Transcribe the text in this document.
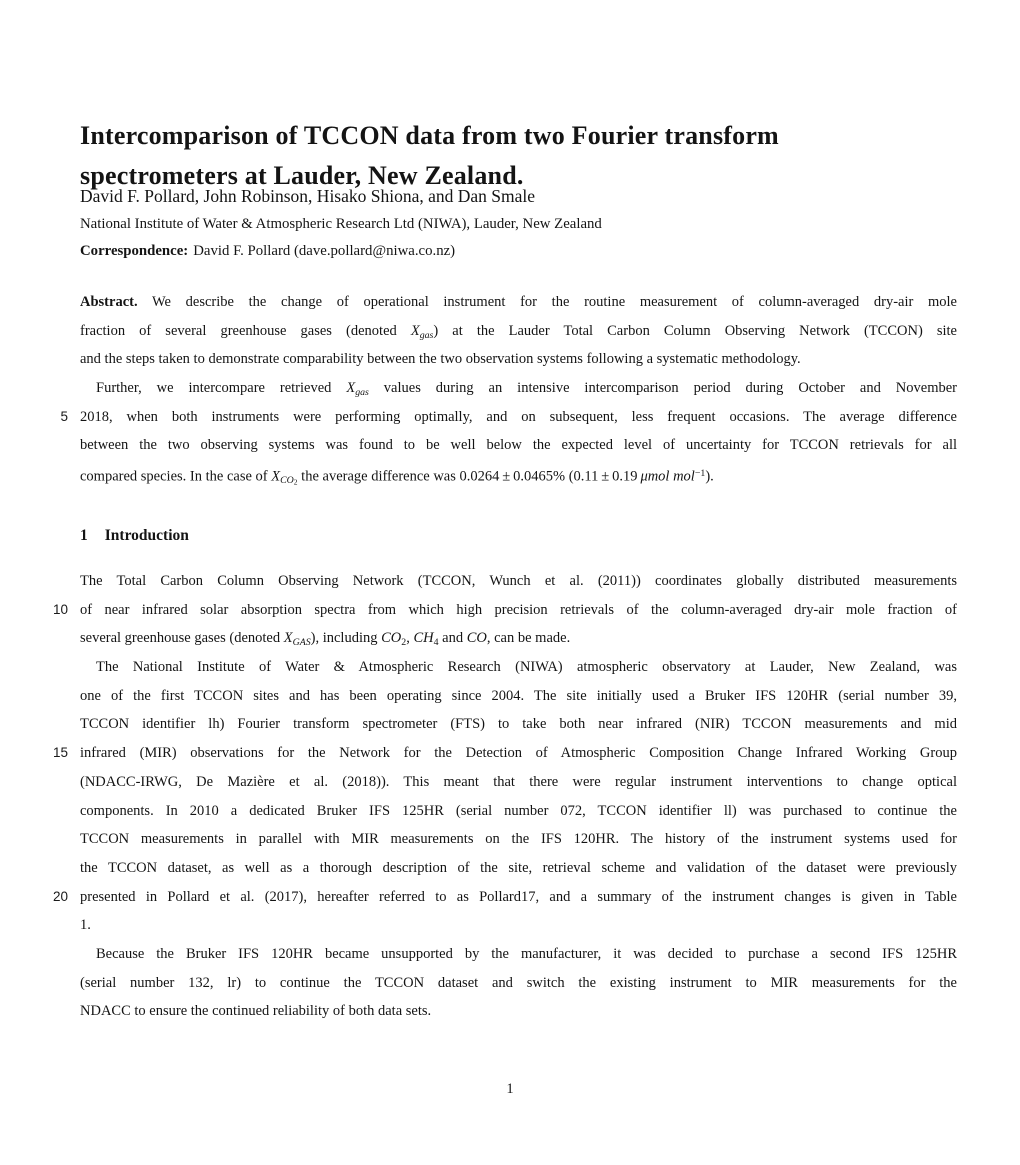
Intercomparison of TCCON data from two Fourier transform
spectrometers at Lauder, New Zealand.
David F. Pollard, John Robinson, Hisako Shiona, and Dan Smale
National Institute of Water & Atmospheric Research Ltd (NIWA), Lauder, New Zealand
Correspondence: David F. Pollard (dave.pollard@niwa.co.nz)
Abstract. We describe the change of operational instrument for the routine measurement of column-averaged dry-air mole
fraction of several greenhouse gases (denoted Xgas) at the Lauder Total Carbon Column Observing Network (TCCON) site
and the steps taken to demonstrate comparability between the two observation systems following a systematic methodology.
Further, we intercompare retrieved Xgas values during an intensive intercomparison period during October and November
5 2018, when both instruments were performing optimally, and on subsequent, less frequent occasions. The average difference
between the two observing systems was found to be well below the expected level of uncertainty for TCCON retrievals for all
compared species. In the case of $XCO_2$ the average difference was 0.0264 ± 0.0465% (0.11 ± 0.19 μmol mol$^{-1}$).
1 Introduction
The Total Carbon Column Observing Network (TCCON, Wunch et al. (2011)) coordinates globally distributed measurements
10 of near infrared solar absorption spectra from which high precision retrievals of the column-averaged dry-air mole fraction of
several greenhouse gases (denoted XGAS), including CO2, CH4 and CO, can be made.
The National Institute of Water & Atmospheric Research (NIWA) atmospheric observatory at Lauder, New Zealand, was
one of the first TCCON sites and has been operating since 2004. The site initially used a Bruker IFS 120HR (serial number 39,
TCCON identifier lh) Fourier transform spectrometer (FTS) to take both near infrared (NIR) TCCON measurements and mid
15 infrared (MIR) observations for the Network for the Detection of Atmospheric Composition Change Infrared Working Group
(NDACC-IRWG, De Mazière et al. (2018)). This meant that there were regular instrument interventions to change optical
components. In 2010 a dedicated Bruker IFS 125HR (serial number 072, TCCON identifier ll) was purchased to continue the
TCCON measurements in parallel with MIR measurements on the IFS 120HR. The history of the instrument systems used for
the TCCON dataset, as well as a thorough description of the site, retrieval scheme and validation of the dataset were previously
20 presented in Pollard et al. (2017), hereafter referred to as Pollard17, and a summary of the instrument changes is given in Table
1.
Because the Bruker IFS 120HR became unsupported by the manufacturer, it was decided to purchase a second IFS 125HR
(serial number 132, lr) to continue the TCCON dataset and switch the existing instrument to MIR measurements for the
NDACC to ensure the continued reliability of both data sets.
1
